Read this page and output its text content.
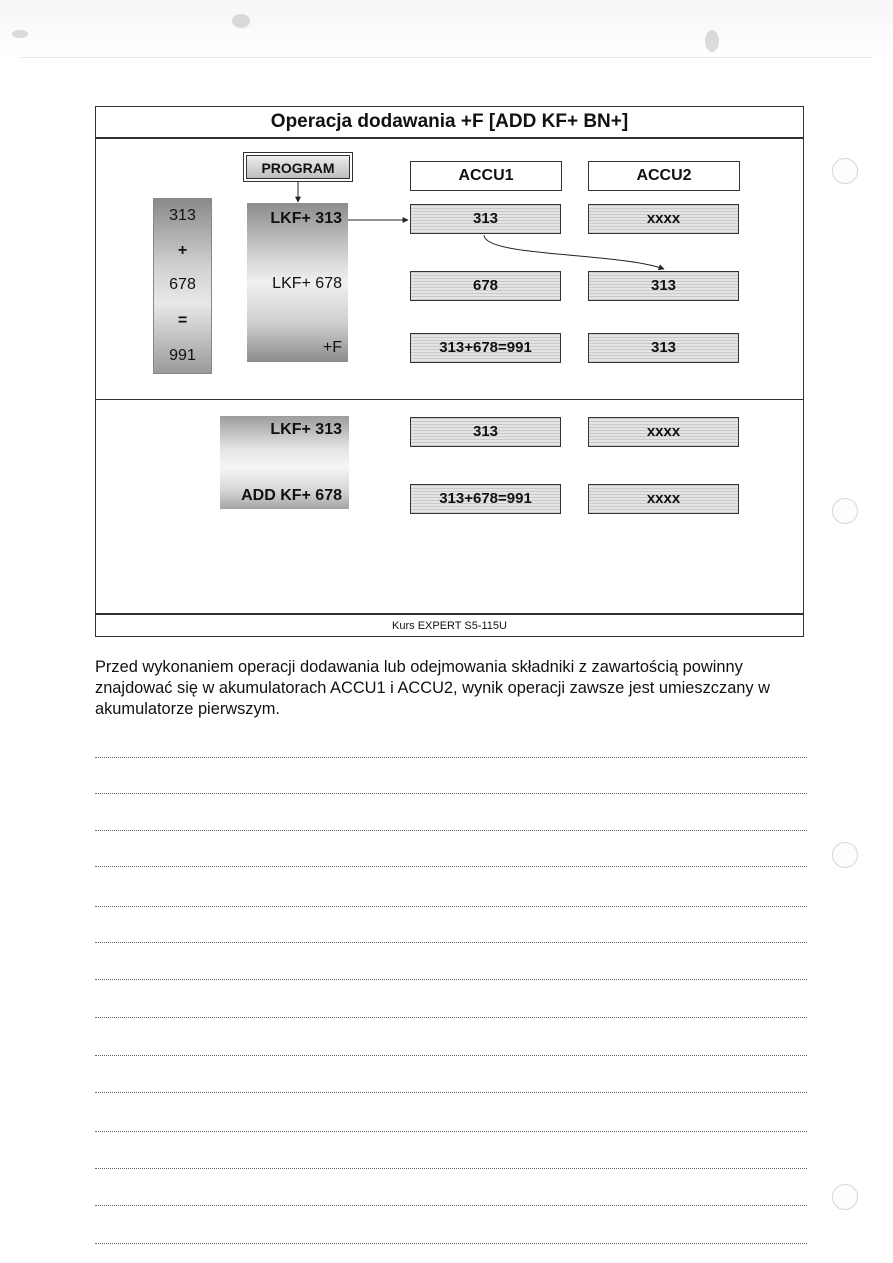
Operacja dodawania +F [ADD KF+ BN+]
313
+
678
=
991
PROGRAM
LKF+ 313
LKF+ 678
+F
ACCU1	ACCU2
313	xxxx
678	313
313+678=991	313
LKF+ 313
ADD KF+ 678
313	xxxx
313+678=991	xxxx
Kurs EXPERT S5-115U
Przed wykonaniem operacji dodawania lub odejmowania składniki z zawartością powinny znajdować się w akumulatorach ACCU1 i ACCU2, wynik operacji zawsze jest umieszczany w akumulatorze pierwszym.
